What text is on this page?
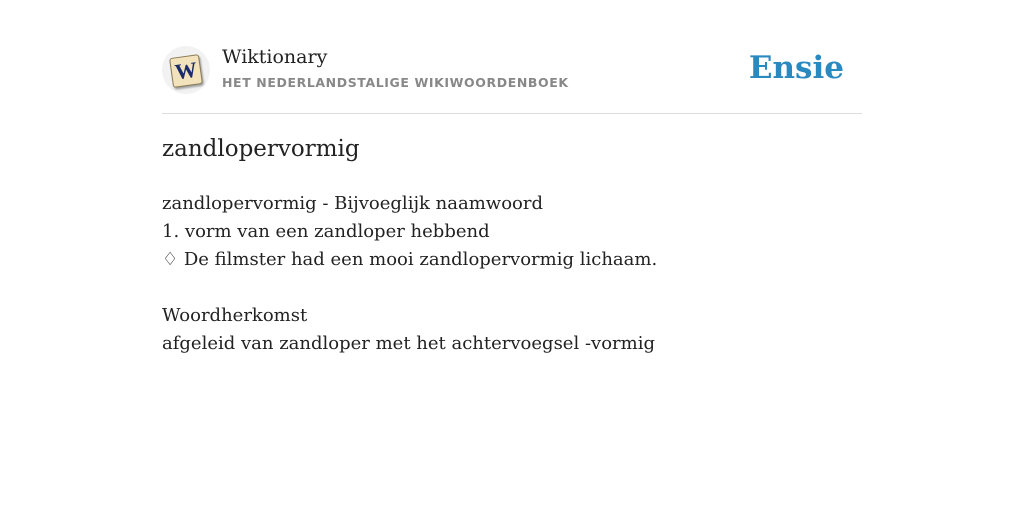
W Wiktionary
HET NEDERLANDSTALIGE WIKIWOORDENBOEK	Ensie
zandlopervormig
zandlopervormig - Bijvoeglijk naamwoord
1. vorm van een zandloper hebbend
♢ De filmster had een mooi zandlopervormig lichaam.
Woordherkomst
afgeleid van zandloper met het achtervoegsel -vormig
